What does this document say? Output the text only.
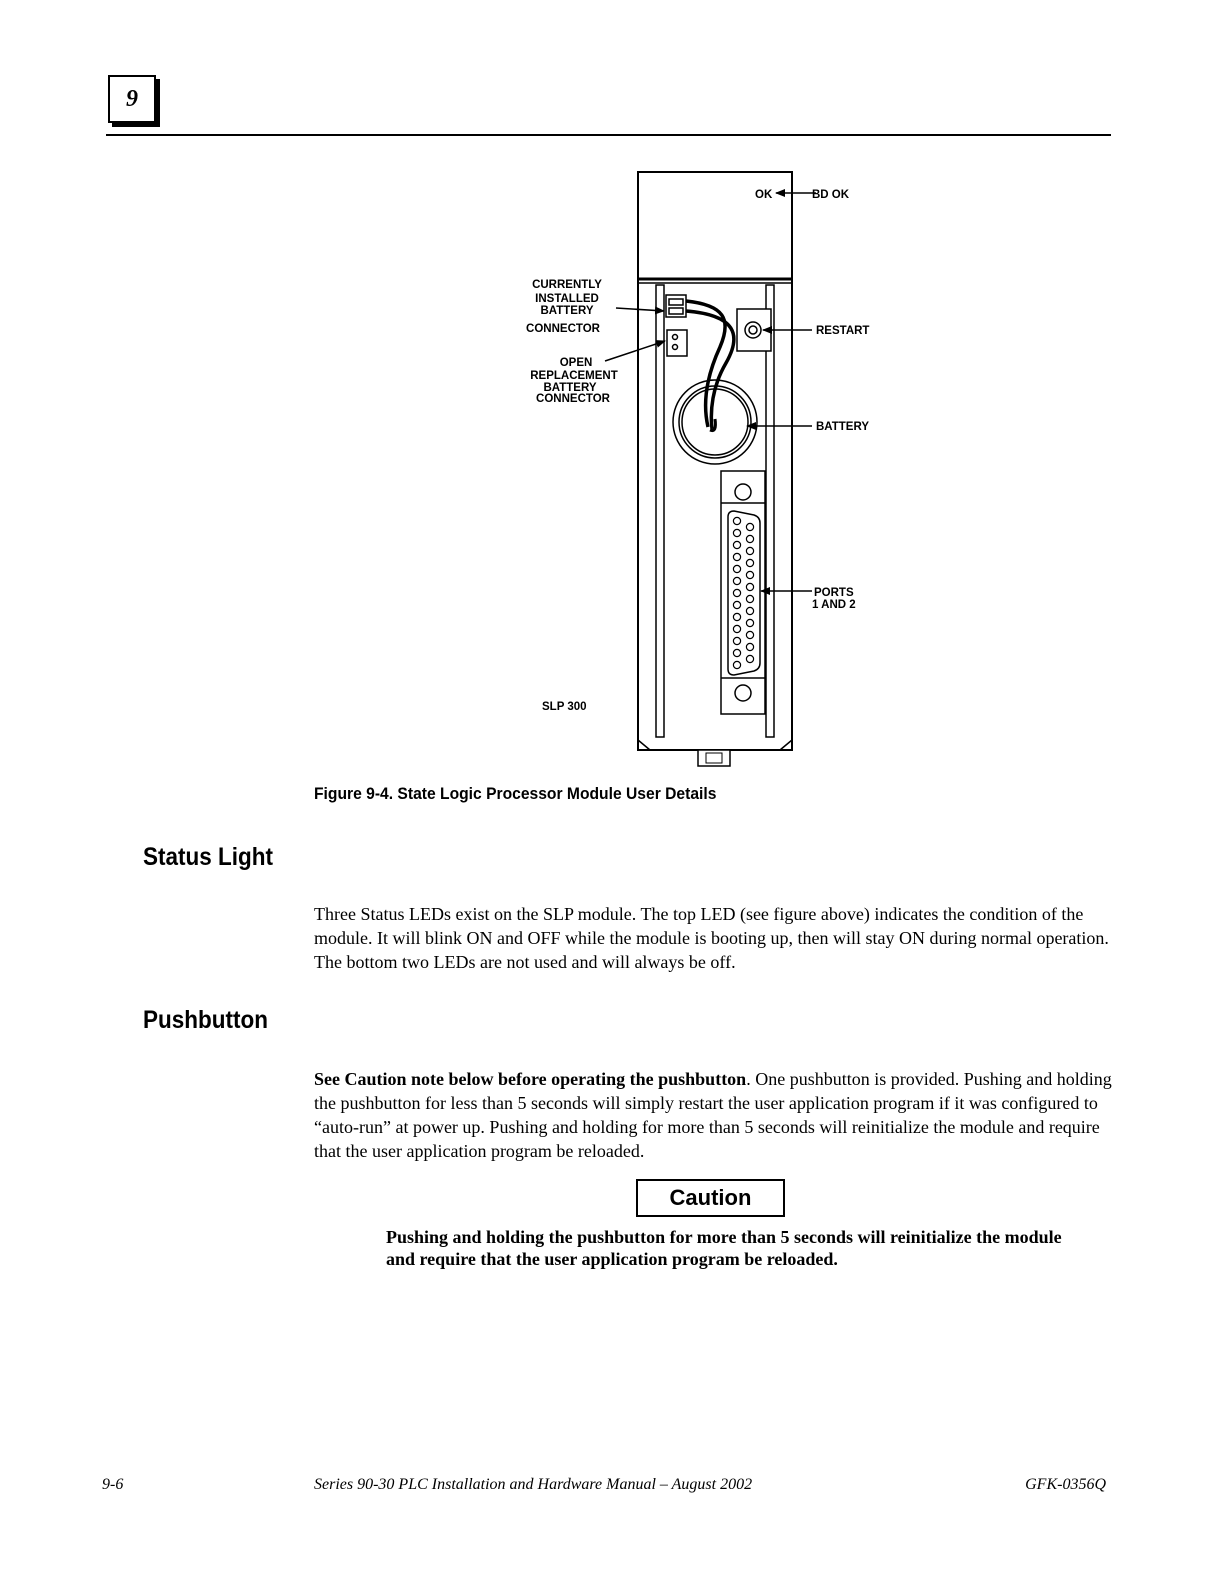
9
OK	BD OK
CURRENTLY
INSTALLED
BATTERY
CONNECTOR
OPEN
REPLACEMENT
BATTERY
CONNECTOR
RESTART
BATTERY
PORTS
1 AND 2
SLP 300
Figure 9-4. State Logic Processor Module User Details
Status Light
Three Status LEDs exist on the SLP module. The top LED (see figure above) indicates the condition of the module. It will blink ON and OFF while the module is booting up, then will stay ON during normal operation. The bottom two LEDs are not used and will always be off.
Pushbutton
See Caution note below before operating the pushbutton. One pushbutton is provided. Pushing and holding the pushbutton for less than 5 seconds will simply restart the user application program if it was configured to “auto-run” at power up. Pushing and holding for more than 5 seconds will reinitialize the module and require that the user application program be reloaded.
Caution
Pushing and holding the pushbutton for more than 5 seconds will reinitialize the module and require that the user application program be reloaded.
9-6	Series 90-30 PLC Installation and Hardware Manual – August 2002	GFK-0356Q
